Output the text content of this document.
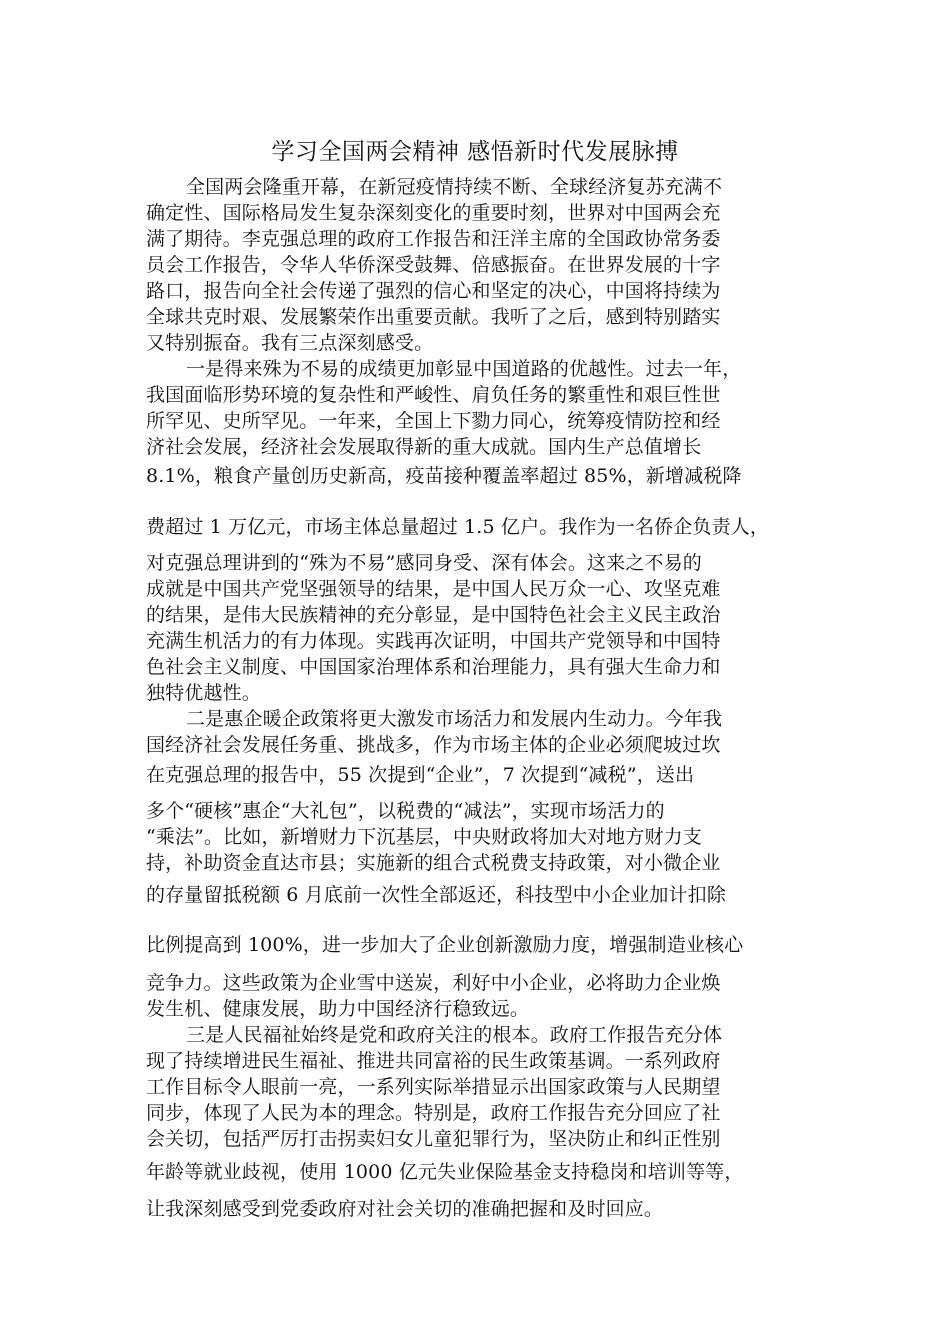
学习全国两会精神 感悟新时代发展脉搏
全国两会隆重开幕，在新冠疫情持续不断、全球经济复苏充满不
确定性、国际格局发生复杂深刻变化的重要时刻，世界对中国两会充
满了期待。李克强总理的政府工作报告和汪洋主席的全国政协常务委
员会工作报告，令华人华侨深受鼓舞、倍感振奋。在世界发展的十字
路口，报告向全社会传递了强烈的信心和坚定的决心，中国将持续为
全球共克时艰、发展繁荣作出重要贡献。我听了之后，感到特别踏实
又特别振奋。我有三点深刻感受。
一是得来殊为不易的成绩更加彰显中国道路的优越性。过去一年，
我国面临形势环境的复杂性和严峻性、肩负任务的繁重性和艰巨性世
所罕见、史所罕见。一年来，全国上下勠力同心，统筹疫情防控和经
济社会发展，经济社会发展取得新的重大成就。国内生产总值增长
8.1%，粮食产量创历史新高，疫苗接种覆盖率超过 85%，新增减税降
费超过 1 万亿元，市场主体总量超过 1.5 亿户。我作为一名侨企负责人，
对克强总理讲到的“殊为不易”感同身受、深有体会。这来之不易的
成就是中国共产党坚强领导的结果，是中国人民万众一心、攻坚克难
的结果，是伟大民族精神的充分彰显，是中国特色社会主义民主政治
充满生机活力的有力体现。实践再次证明，中国共产党领导和中国特
色社会主义制度、中国国家治理体系和治理能力，具有强大生命力和
独特优越性。
二是惠企暖企政策将更大激发市场活力和发展内生动力。今年我
国经济社会发展任务重、挑战多，作为市场主体的企业必须爬坡过坎
在克强总理的报告中，55 次提到“企业”，7 次提到“减税”，送出
多个“硬核”惠企“大礼包”，以税费的“减法”，实现市场活力的
“乘法”。比如，新增财力下沉基层，中央财政将加大对地方财力支
持，补助资金直达市县；实施新的组合式税费支持政策，对小微企业
的存量留抵税额 6 月底前一次性全部返还，科技型中小企业加计扣除
比例提高到 100%，进一步加大了企业创新激励力度，增强制造业核心
竞争力。这些政策为企业雪中送炭，利好中小企业，必将助力企业焕
发生机、健康发展，助力中国经济行稳致远。
三是人民福祉始终是党和政府关注的根本。政府工作报告充分体
现了持续增进民生福祉、推进共同富裕的民生政策基调。一系列政府
工作目标令人眼前一亮，一系列实际举措显示出国家政策与人民期望
同步，体现了人民为本的理念。特别是，政府工作报告充分回应了社
会关切，包括严厉打击拐卖妇女儿童犯罪行为，坚决防止和纠正性别
年龄等就业歧视，使用 1000 亿元失业保险基金支持稳岗和培训等等，
让我深刻感受到党委政府对社会关切的准确把握和及时回应。
